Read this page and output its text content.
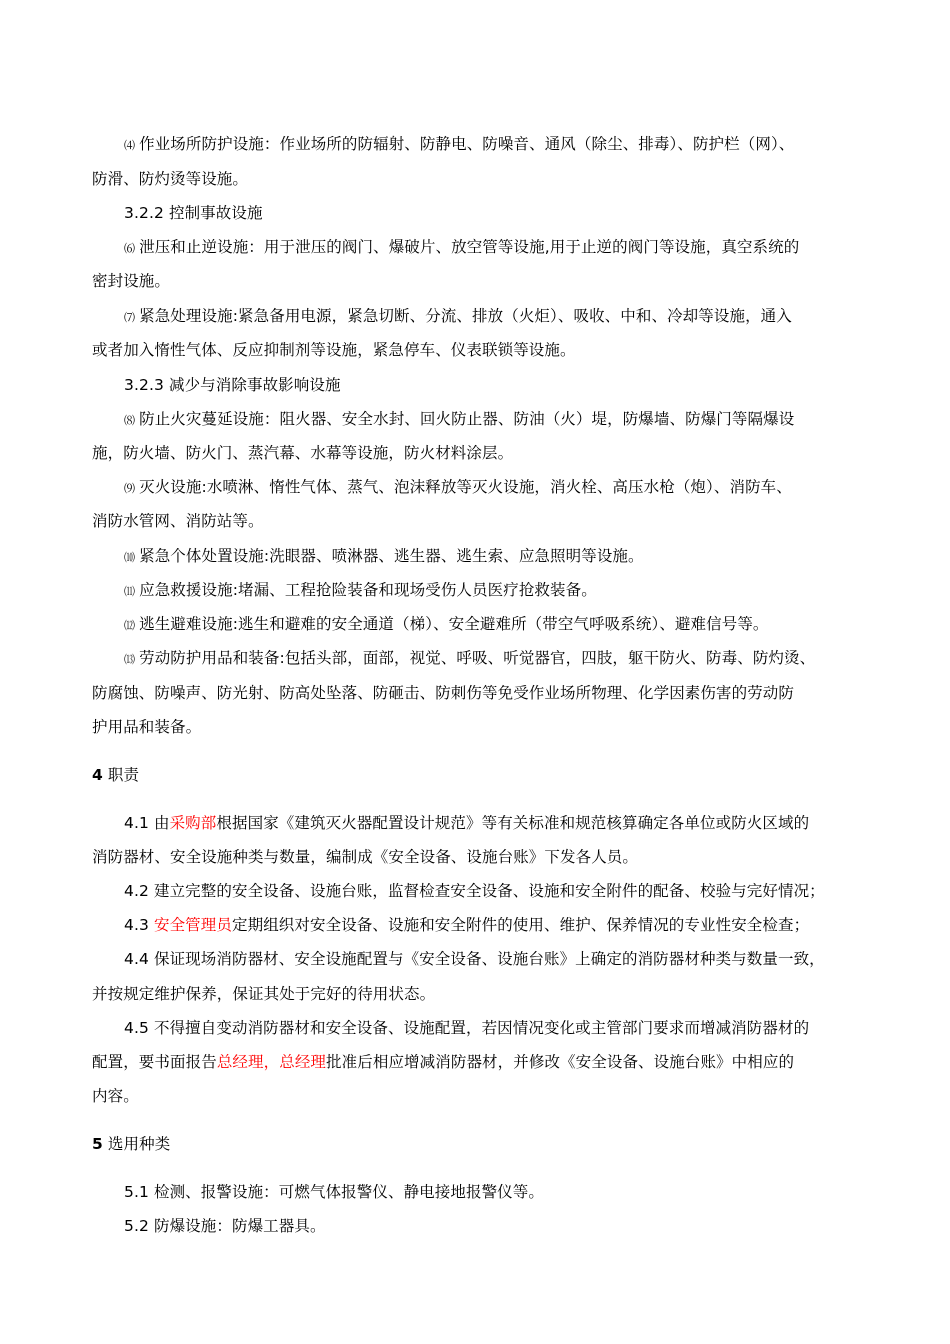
⑷ 作业场所防护设施：作业场所的防辐射、防静电、防噪音、通风（除尘、排毒）、防护栏（网）、
防滑、防灼烫等设施。
3.2.2 控制事故设施
⑹ 泄压和止逆设施：用于泄压的阀门、爆破片、放空管等设施,用于止逆的阀门等设施，真空系统的
密封设施。
⑺ 紧急处理设施:紧急备用电源，紧急切断、分流、排放（火炬）、吸收、中和、冷却等设施，通入
或者加入惰性气体、反应抑制剂等设施，紧急停车、仪表联锁等设施。
3.2.3 减少与消除事故影响设施
⑻ 防止火灾蔓延设施：阻火器、安全水封、回火防止器、防油（火）堤，防爆墙、防爆门等隔爆设
施，防火墙、防火门、蒸汽幕、水幕等设施，防火材料涂层。
⑼ 灭火设施:水喷淋、惰性气体、蒸气、泡沫释放等灭火设施，消火栓、高压水枪（炮）、消防车、
消防水管网、消防站等。
⑽ 紧急个体处置设施:洗眼器、喷淋器、逃生器、逃生索、应急照明等设施。
⑾ 应急救援设施:堵漏、工程抢险装备和现场受伤人员医疗抢救装备。
⑿ 逃生避难设施:逃生和避难的安全通道（梯）、安全避难所（带空气呼吸系统）、避难信号等。
⒀ 劳动防护用品和装备:包括头部，面部，视觉、呼吸、听觉器官，四肢，躯干防火、防毒、防灼烫、
防腐蚀、防噪声、防光射、防高处坠落、防砸击、防刺伤等免受作业场所物理、化学因素伤害的劳动防
护用品和装备。
4 职责
4.1 由采购部根据国家《建筑灭火器配置设计规范》等有关标准和规范核算确定各单位或防火区域的
消防器材、安全设施种类与数量，编制成《安全设备、设施台账》下发各人员。
4.2 建立完整的安全设备、设施台账，监督检查安全设备、设施和安全附件的配备、校验与完好情况；
4.3 安全管理员定期组织对安全设备、设施和安全附件的使用、维护、保养情况的专业性安全检查；
4.4 保证现场消防器材、安全设施配置与《安全设备、设施台账》上确定的消防器材种类与数量一致，
并按规定维护保养，保证其处于完好的待用状态。
4.5 不得擅自变动消防器材和安全设备、设施配置，若因情况变化或主管部门要求而增减消防器材的
配置，要书面报告总经理，总经理批准后相应增减消防器材，并修改《安全设备、设施台账》中相应的
内容。
5 选用种类
5.1 检测、报警设施：可燃气体报警仪、静电接地报警仪等。
5.2 防爆设施：防爆工器具。
